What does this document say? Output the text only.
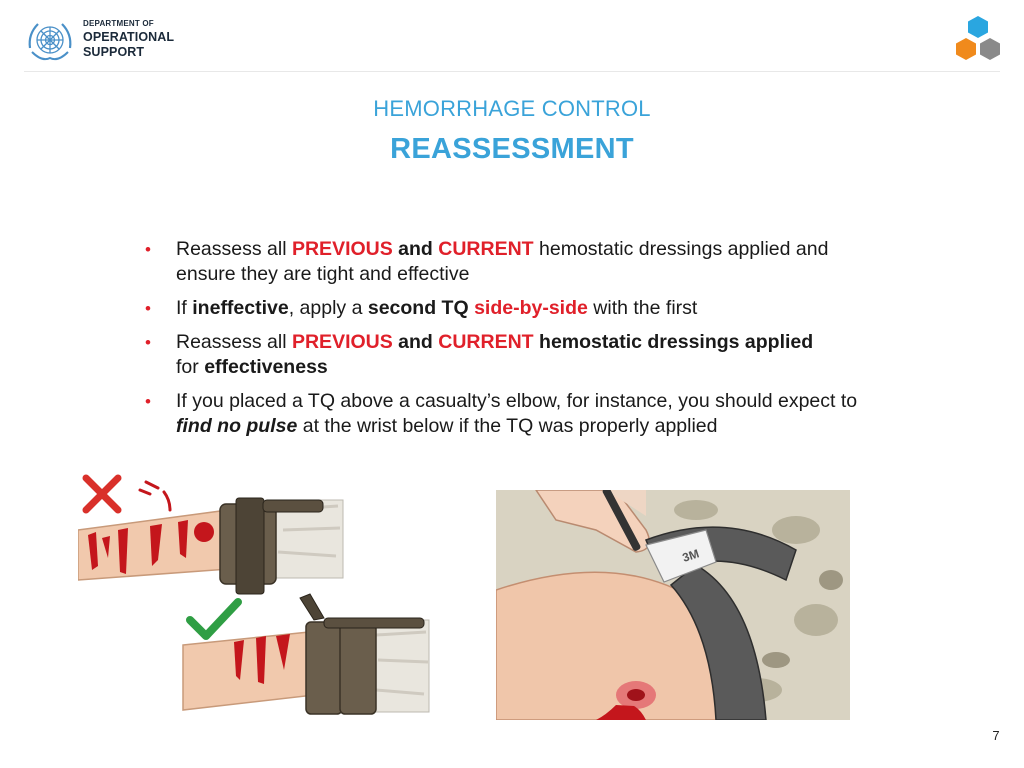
DEPARTMENT OF
OPERATIONAL
SUPPORT
HEMORRHAGE CONTROL
REASSESSMENT
• Reassess all PREVIOUS and CURRENT hemostatic dressings applied and ensure they are tight and effective
• If ineffective, apply a second TQ side-by-side with the first
• Reassess all PREVIOUS and CURRENT hemostatic dressings applied
for effectiveness
• If you placed a TQ above a casualty’s elbow, for instance, you should expect to find no pulse at the wrist below if the TQ was properly applied
3M
7
